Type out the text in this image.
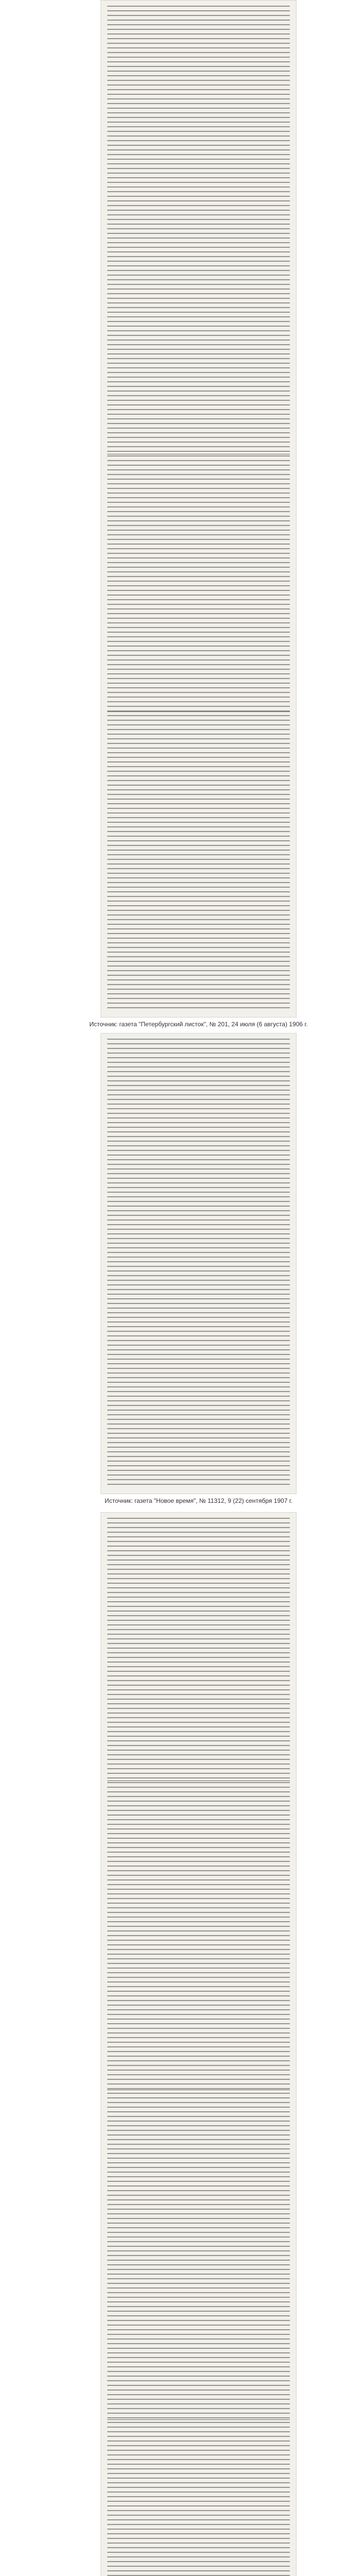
Источник: газета "Петербургский листок", № 201, 24 июля (6 августа) 1906 г.
Источник: газета "Новое время", № 11312, 9 (22) сентября 1907 г.
